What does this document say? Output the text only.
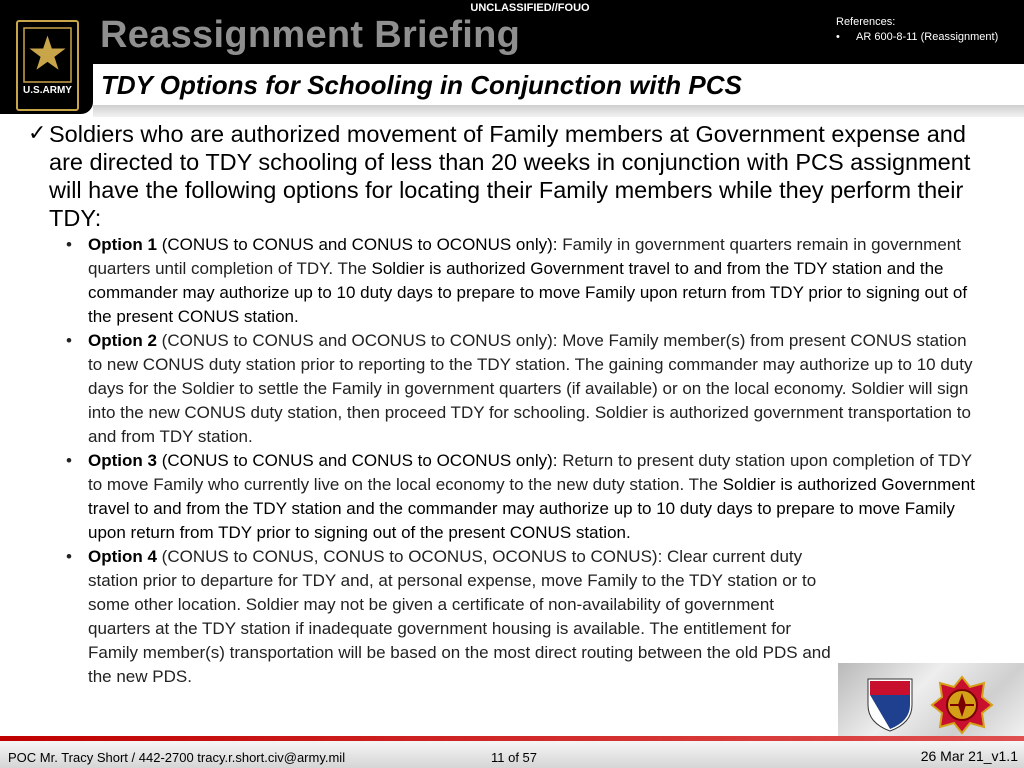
UNCLASSIFIED//FOUO
Reassignment Briefing	References:
• AR 600-8-11 (Reassignment)
U.S.ARMY TDY Options for Schooling in Conjunction with PCS
✓ Soldiers who are authorized movement of Family members at Government expense and are directed to TDY schooling of less than 20 weeks in conjunction with PCS assignment will have the following options for locating their Family members while they perform their TDY:
• Option 1 (CONUS to CONUS and CONUS to OCONUS only): Family in government quarters remain in government quarters until completion of TDY. The Soldier is authorized Government travel to and from the TDY station and the commander may authorize up to 10 duty days to prepare to move Family upon return from TDY prior to signing out of the present CONUS station.
• Option 2 (CONUS to CONUS and OCONUS to CONUS only): Move Family member(s) from present CONUS station to new CONUS duty station prior to reporting to the TDY station. The gaining commander may authorize up to 10 duty days for the Soldier to settle the Family in government quarters (if available) or on the local economy. Soldier will sign into the new CONUS duty station, then proceed TDY for schooling. Soldier is authorized government transportation to and from TDY station.
• Option 3 (CONUS to CONUS and CONUS to OCONUS only): Return to present duty station upon completion of TDY to move Family who currently live on the local economy to the new duty station. The Soldier is authorized Government travel to and from the TDY station and the commander may authorize up to 10 duty days to prepare to move Family upon return from TDY prior to signing out of the present CONUS station.
• Option 4 (CONUS to CONUS, CONUS to OCONUS, OCONUS to CONUS): Clear current duty station prior to departure for TDY and, at personal expense, move Family to the TDY station or to some other location. Soldier may not be given a certificate of non-availability of government quarters at the TDY station if inadequate government housing is available. The entitlement for Family member(s) transportation will be based on the most direct routing between the old PDS and the new PDS.
POC Mr. Tracy Short / 442-2700 tracy.r.short.civ@army.mil	11 of 57	26 Mar 21_v1.1
